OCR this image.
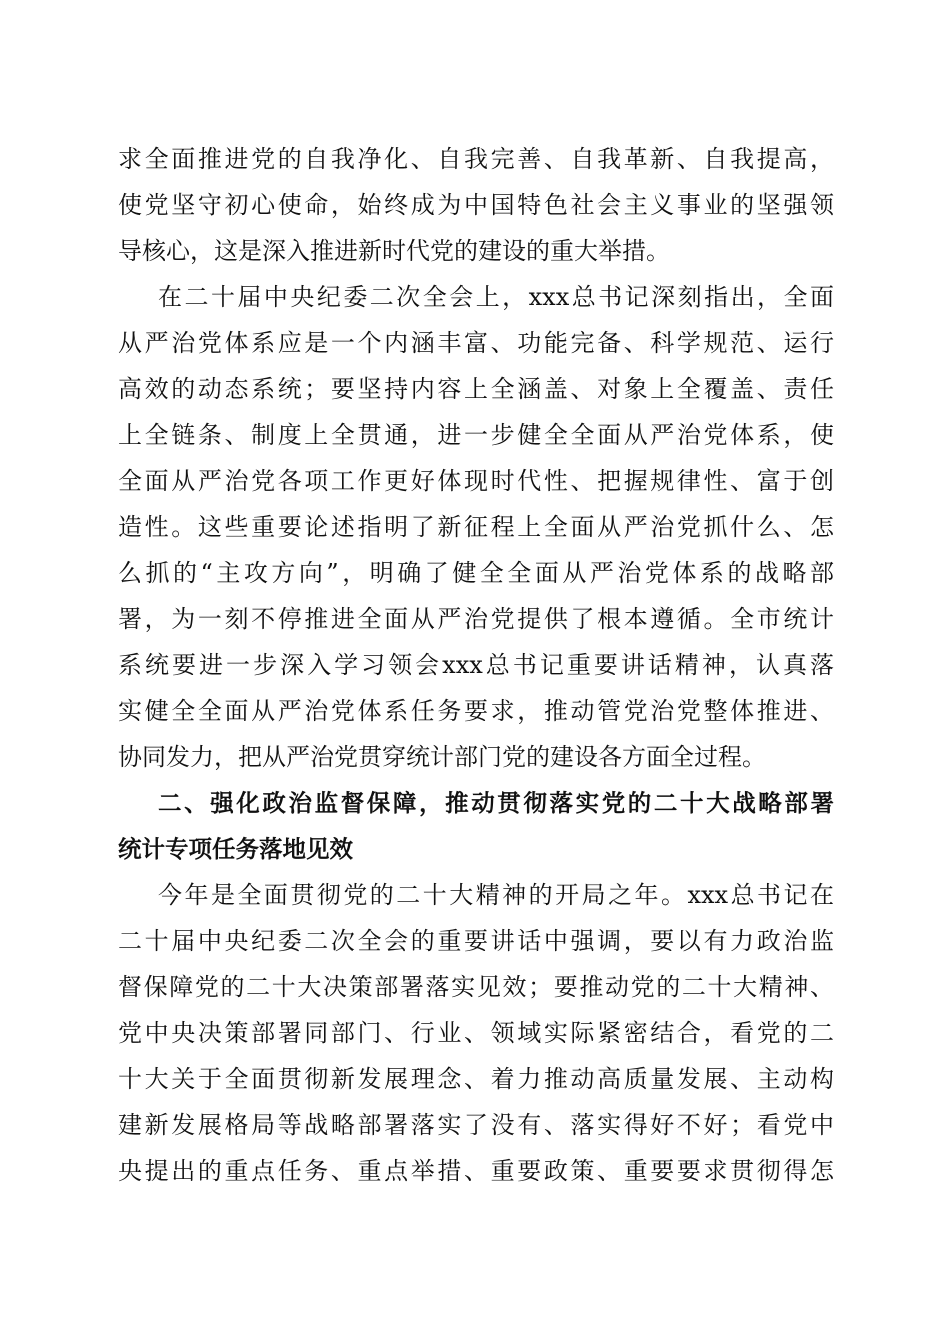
求全面推进党的自我净化、自我完善、自我革新、自我提高，
使党坚守初心使命，始终成为中国特色社会主义事业的坚强领
导核心，这是深入推进新时代党的建设的重大举措。
在二十届中央纪委二次全会上，xxx总书记深刻指出，全面
从严治党体系应是一个内涵丰富、功能完备、科学规范、运行
高效的动态系统；要坚持内容上全涵盖、对象上全覆盖、责任
上全链条、制度上全贯通，进一步健全全面从严治党体系，使
全面从严治党各项工作更好体现时代性、把握规律性、富于创
造性。这些重要论述指明了新征程上全面从严治党抓什么、怎
么抓的“主攻方向”，明确了健全全面从严治党体系的战略部
署，为一刻不停推进全面从严治党提供了根本遵循。全市统计
系统要进一步深入学习领会xxx总书记重要讲话精神，认真落
实健全全面从严治党体系任务要求，推动管党治党整体推进、
协同发力，把从严治党贯穿统计部门党的建设各方面全过程。
二、强化政治监督保障，推动贯彻落实党的二十大战略部署
统计专项任务落地见效
今年是全面贯彻党的二十大精神的开局之年。xxx总书记在
二十届中央纪委二次全会的重要讲话中强调，要以有力政治监
督保障党的二十大决策部署落实见效；要推动党的二十大精神、
党中央决策部署同部门、行业、领域实际紧密结合，看党的二
十大关于全面贯彻新发展理念、着力推动高质量发展、主动构
建新发展格局等战略部署落实了没有、落实得好不好；看党中
央提出的重点任务、重点举措、重要政策、重要要求贯彻得怎
